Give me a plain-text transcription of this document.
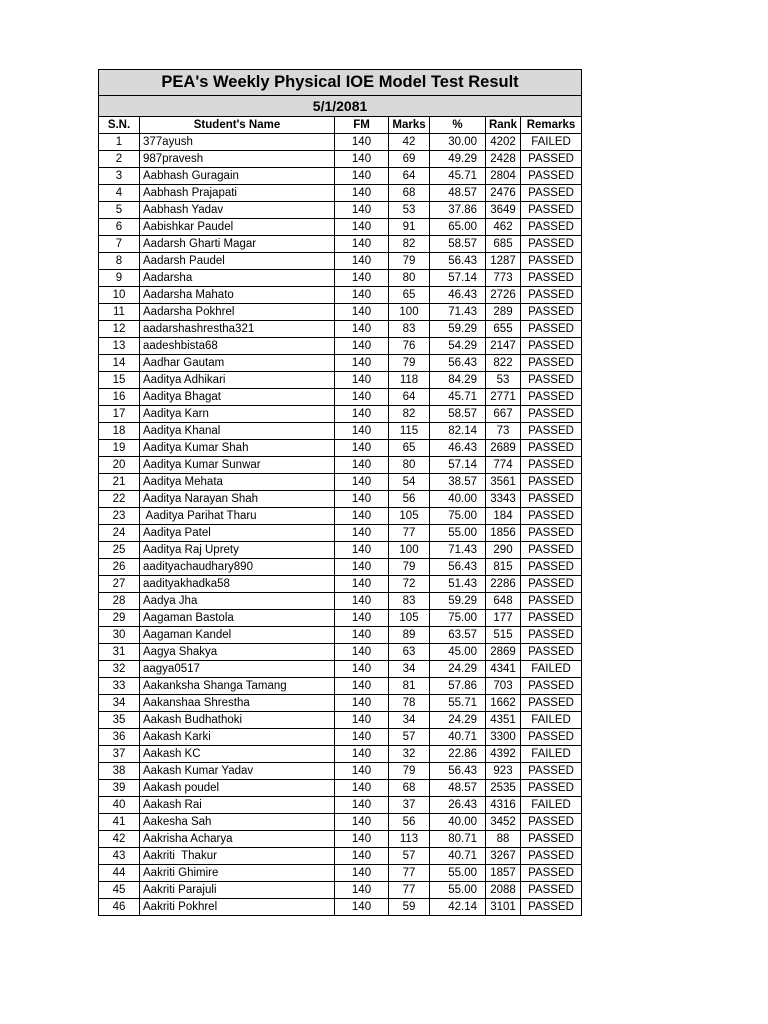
PEA's Weekly Physical IOE Model Test Result						
5/1/2081						
S.N.	Student's Name	FM	Marks	%	Rank	Remarks
1	377ayush	140	42	30.00	4202	FAILED
2	987pravesh	140	69	49.29	2428	PASSED
3	Aabhash Guragain	140	64	45.71	2804	PASSED
4	Aabhash Prajapati	140	68	48.57	2476	PASSED
5	Aabhash Yadav	140	53	37.86	3649	PASSED
6	Aabishkar Paudel	140	91	65.00	462	PASSED
7	Aadarsh Gharti Magar	140	82	58.57	685	PASSED
8	Aadarsh Paudel	140	79	56.43	1287	PASSED
9	Aadarsha	140	80	57.14	773	PASSED
10	Aadarsha Mahato	140	65	46.43	2726	PASSED
11	Aadarsha Pokhrel	140	100	71.43	289	PASSED
12	aadarshashrestha321	140	83	59.29	655	PASSED
13	aadeshbista68	140	76	54.29	2147	PASSED
14	Aadhar Gautam	140	79	56.43	822	PASSED
15	Aaditya Adhikari	140	118	84.29	53	PASSED
16	Aaditya Bhagat	140	64	45.71	2771	PASSED
17	Aaditya Karn	140	82	58.57	667	PASSED
18	Aaditya Khanal	140	115	82.14	73	PASSED
19	Aaditya Kumar Shah	140	65	46.43	2689	PASSED
20	Aaditya Kumar Sunwar	140	80	57.14	774	PASSED
21	Aaditya Mehata	140	54	38.57	3561	PASSED
22	Aaditya Narayan Shah	140	56	40.00	3343	PASSED
23	Aaditya Parihat Tharu	140	105	75.00	184	PASSED
24	Aaditya Patel	140	77	55.00	1856	PASSED
25	Aaditya Raj Uprety	140	100	71.43	290	PASSED
26	aadityachaudhary890	140	79	56.43	815	PASSED
27	aadityakhadka58	140	72	51.43	2286	PASSED
28	Aadya Jha	140	83	59.29	648	PASSED
29	Aagaman Bastola	140	105	75.00	177	PASSED
30	Aagaman Kandel	140	89	63.57	515	PASSED
31	Aagya Shakya	140	63	45.00	2869	PASSED
32	aagya0517	140	34	24.29	4341	FAILED
33	Aakanksha Shanga Tamang	140	81	57.86	703	PASSED
34	Aakanshaa Shrestha	140	78	55.71	1662	PASSED
35	Aakash Budhathoki	140	34	24.29	4351	FAILED
36	Aakash Karki	140	57	40.71	3300	PASSED
37	Aakash KC	140	32	22.86	4392	FAILED
38	Aakash Kumar Yadav	140	79	56.43	923	PASSED
39	Aakash poudel	140	68	48.57	2535	PASSED
40	Aakash Rai	140	37	26.43	4316	FAILED
41	Aakesha Sah	140	56	40.00	3452	PASSED
42	Aakrisha Acharya	140	113	80.71	88	PASSED
43	Aakriti  Thakur	140	57	40.71	3267	PASSED
44	Aakriti Ghimire	140	77	55.00	1857	PASSED
45	Aakriti Parajuli	140	77	55.00	2088	PASSED
46	Aakriti Pokhrel	140	59	42.14	3101	PASSED
